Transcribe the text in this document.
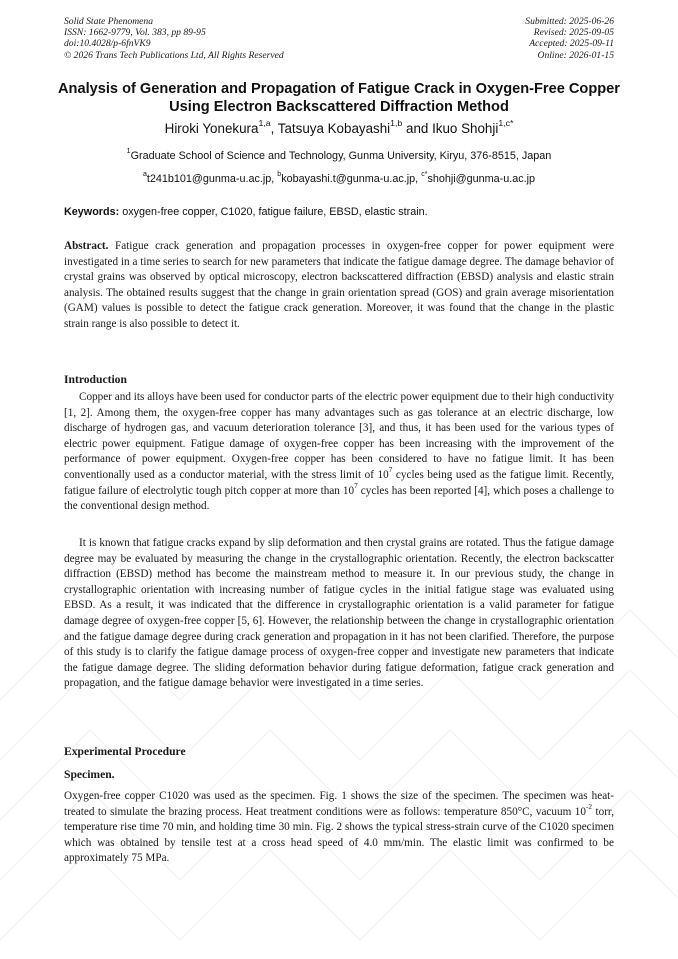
Solid State Phenomena
ISSN: 1662-9779, Vol. 383, pp 89-95
doi:10.4028/p-6fnVK9
© 2026 Trans Tech Publications Ltd, All Rights Reserved
Submitted: 2025-06-26
Revised: 2025-09-05
Accepted: 2025-09-11
Online: 2026-01-15
Analysis of Generation and Propagation of Fatigue Crack in Oxygen-Free Copper Using Electron Backscattered Diffraction Method
Hiroki Yonekura$^{1,a}$, Tatsuya Kobayashi$^{1,b}$ and Ikuo Shohji$^{1,c*}$
$^1$Graduate School of Science and Technology, Gunma University, Kiryu, 376-8515, Japan
$^a$t241b101@gunma-u.ac.jp, $^b$kobayashi.t@gunma-u.ac.jp, $^{c*}$shohji@gunma-u.ac.jp
Keywords: oxygen-free copper, C1020, fatigue failure, EBSD, elastic strain.
Abstract. Fatigue crack generation and propagation processes in oxygen-free copper for power equipment were investigated in a time series to search for new parameters that indicate the fatigue damage degree. The damage behavior of crystal grains was observed by optical microscopy, electron backscattered diffraction (EBSD) analysis and elastic strain analysis. The obtained results suggest that the change in grain orientation spread (GOS) and grain average misorientation (GAM) values is possible to detect the fatigue crack generation. Moreover, it was found that the change in the plastic strain range is also possible to detect it.
Introduction
Copper and its alloys have been used for conductor parts of the electric power equipment due to their high conductivity [1, 2]. Among them, the oxygen-free copper has many advantages such as gas tolerance at an electric discharge, low discharge of hydrogen gas, and vacuum deterioration tolerance [3], and thus, it has been used for the various types of electric power equipment. Fatigue damage of oxygen-free copper has been increasing with the improvement of the performance of power equipment. Oxygen-free copper has been considered to have no fatigue limit. It has been conventionally used as a conductor material, with the stress limit of $10^7$ cycles being used as the fatigue limit. Recently, fatigue failure of electrolytic tough pitch copper at more than $10^7$ cycles has been reported [4], which poses a challenge to the conventional design method.
It is known that fatigue cracks expand by slip deformation and then crystal grains are rotated. Thus the fatigue damage degree may be evaluated by measuring the change in the crystallographic orientation. Recently, the electron backscatter diffraction (EBSD) method has become the mainstream method to measure it. In our previous study, the change in crystallographic orientation with increasing number of fatigue cycles in the initial fatigue stage was evaluated using EBSD. As a result, it was indicated that the difference in crystallographic orientation is a valid parameter for fatigue damage degree of oxygen-free copper [5, 6]. However, the relationship between the change in crystallographic orientation and the fatigue damage degree during crack generation and propagation in it has not been clarified. Therefore, the purpose of this study is to clarify the fatigue damage process of oxygen-free copper and investigate new parameters that indicate the fatigue damage degree. The sliding deformation behavior during fatigue deformation, fatigue crack generation and propagation, and the fatigue damage behavior were investigated in a time series.
Experimental Procedure
Specimen.
Oxygen-free copper C1020 was used as the specimen. Fig. 1 shows the size of the specimen. The specimen was heat-treated to simulate the brazing process. Heat treatment conditions were as follows: temperature 850°C, vacuum $10^{-2}$ torr, temperature rise time 70 min, and holding time 30 min. Fig. 2 shows the typical stress-strain curve of the C1020 specimen which was obtained by tensile test at a cross head speed of 4.0 mm/min. The elastic limit was confirmed to be approximately 75 MPa.
